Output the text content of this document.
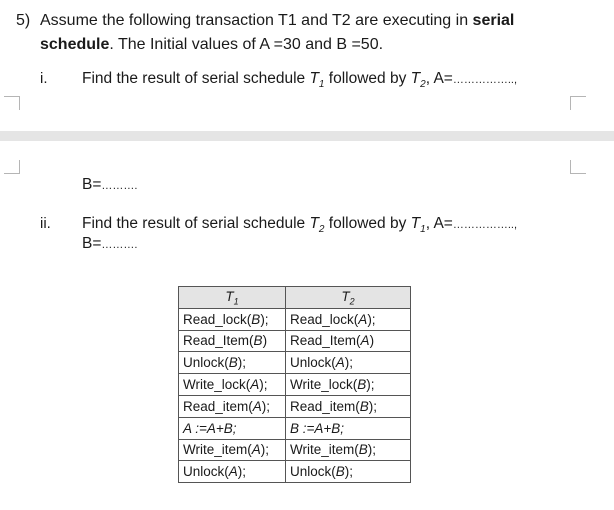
5) Assume the following transaction T1 and T2 are executing in serial
schedule. The Initial values of A =30 and B =50.
i. Find the result of serial schedule $T_1$ followed by $T_2$, A=……………..,
B=……….
ii. Find the result of serial schedule $T_2$ followed by $T_1$, A=……………..,
B=……….
$T_1$	$T_2$
Read_lock(B);	Read_lock(A);
Read_Item(B)	Read_Item(A)
Unlock(B);	Unlock(A);
Write_lock(A);	Write_lock(B);
Read_item(A);	Read_item(B);
A :=A+B;	B :=A+B;
Write_item(A);	Write_item(B);
Unlock(A);	Unlock(B);
